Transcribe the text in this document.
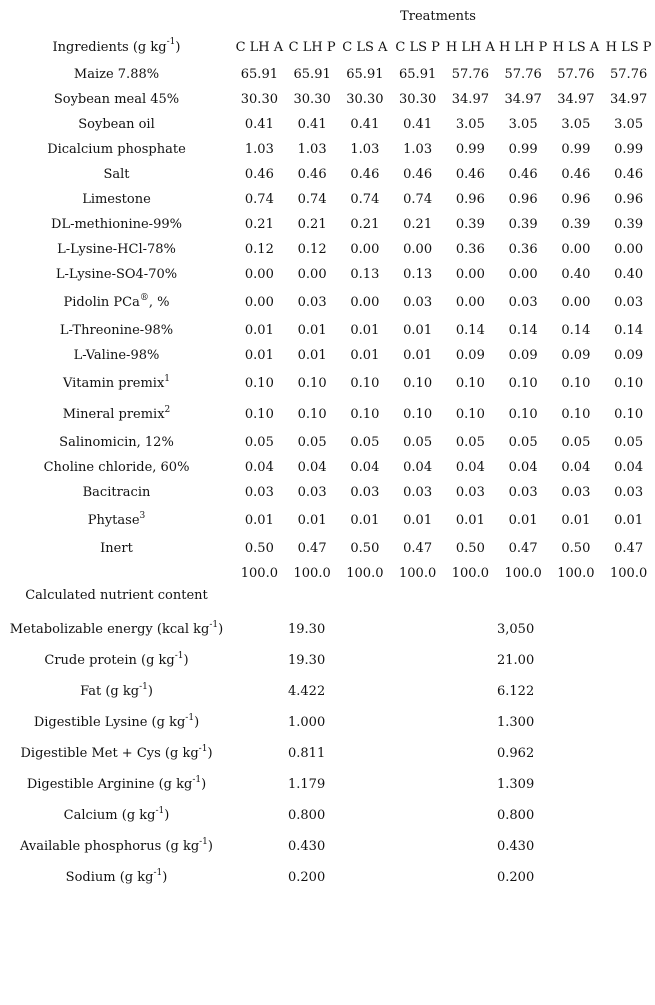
Treatments
Ingredients (g $kg^{-1}$)	C LH A	C LH P	C LS A	C LS P	H LH A	H LH P	H LS A	H LS P
Maize 7.88%	65.91	65.91	65.91	65.91	57.76	57.76	57.76	57.76
Soybean meal 45%	30.30	30.30	30.30	30.30	34.97	34.97	34.97	34.97
Soybean oil	0.41	0.41	0.41	0.41	3.05	3.05	3.05	3.05
Dicalcium phosphate	1.03	1.03	1.03	1.03	0.99	0.99	0.99	0.99
Salt	0.46	0.46	0.46	0.46	0.46	0.46	0.46	0.46
Limestone	0.74	0.74	0.74	0.74	0.96	0.96	0.96	0.96
DL-methionine-99%	0.21	0.21	0.21	0.21	0.39	0.39	0.39	0.39
L-Lysine-HCl-78%	0.12	0.12	0.00	0.00	0.36	0.36	0.00	0.00
L-Lysine-SO4-70%	0.00	0.00	0.13	0.13	0.00	0.00	0.40	0.40
Pidolin PCa®, %	0.00	0.03	0.00	0.03	0.00	0.03	0.00	0.03
L-Threonine-98%	0.01	0.01	0.01	0.01	0.14	0.14	0.14	0.14
L-Valine-98%	0.01	0.01	0.01	0.01	0.09	0.09	0.09	0.09
Vitamin premix$^1$	0.10	0.10	0.10	0.10	0.10	0.10	0.10	0.10
Mineral premix$^2$	0.10	0.10	0.10	0.10	0.10	0.10	0.10	0.10
Salinomicin, 12%	0.05	0.05	0.05	0.05	0.05	0.05	0.05	0.05
Choline chloride, 60%	0.04	0.04	0.04	0.04	0.04	0.04	0.04	0.04
Bacitracin	0.03	0.03	0.03	0.03	0.03	0.03	0.03	0.03
Phytase$^3$	0.01	0.01	0.01	0.01	0.01	0.01	0.01	0.01
Inert	0.50	0.47	0.50	0.47	0.50	0.47	0.50	0.47
	100.0	100.0	100.0	100.0	100.0	100.0	100.0	100.0
Calculated nutrient content
Metabolizable energy (kcal $kg^{-1}$)	19.30		3,050	
Crude protein (g $kg^{-1}$)	19.30		21.00	
Fat (g $kg^{-1}$)	4.422		6.122	
Digestible Lysine (g $kg^{-1}$)	1.000		1.300	
Digestible Met + Cys (g $kg^{-1}$)	0.811		0.962	
Digestible Arginine (g $kg^{-1}$)	1.179		1.309	
Calcium (g $kg^{-1}$)	0.800		0.800	
Available phosphorus (g $kg^{-1}$)	0.430		0.430	
Sodium (g $kg^{-1}$)	0.200		0.200	
